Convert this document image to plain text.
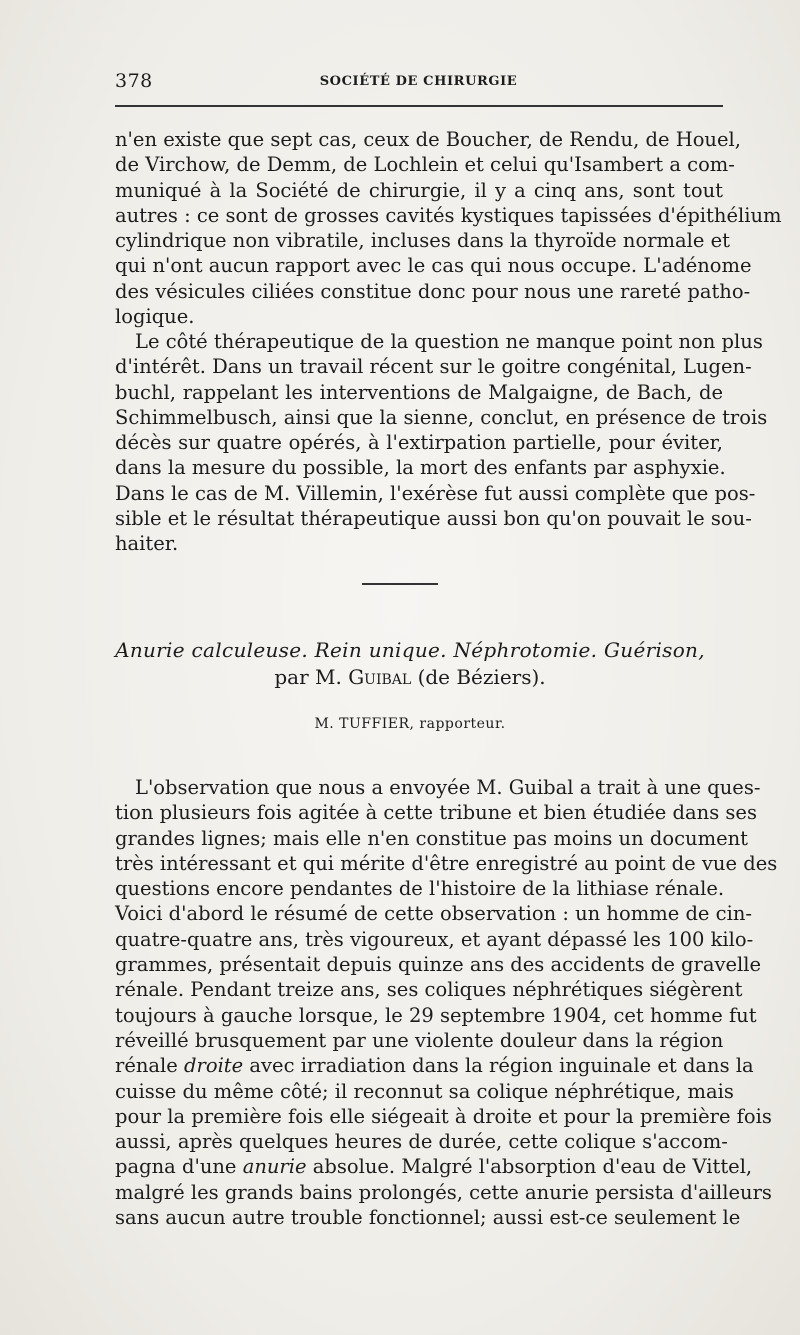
378	SOCIÉTÉ DE CHIRURGIE
n'en existe que sept cas, ceux de Boucher, de Rendu, de Houel,
de Virchow, de Demm, de Lochlein et celui qu'Isambert a com-
muniqué à la Société de chirurgie, il y a cinq ans, sont tout
autres : ce sont de grosses cavités kystiques tapissées d'épithélium
cylindrique non vibratile, incluses dans la thyroïde normale et
qui n'ont aucun rapport avec le cas qui nous occupe. L'adénome
des vésicules ciliées constitue donc pour nous une rareté patho-
logique.
Le côté thérapeutique de la question ne manque point non plus
d'intérêt. Dans un travail récent sur le goitre congénital, Lugen-
buchl, rappelant les interventions de Malgaigne, de Bach, de
Schimmelbusch, ainsi que la sienne, conclut, en présence de trois
décès sur quatre opérés, à l'extirpation partielle, pour éviter,
dans la mesure du possible, la mort des enfants par asphyxie.
Dans le cas de M. Villemin, l'exérèse fut aussi complète que pos-
sible et le résultat thérapeutique aussi bon qu'on pouvait le sou-
haiter.
Anurie calculeuse. Rein unique. Néphrotomie. Guérison,
par M. Guibal (de Béziers).
M. TUFFIER, rapporteur.
L'observation que nous a envoyée M. Guibal a trait à une ques-
tion plusieurs fois agitée à cette tribune et bien étudiée dans ses
grandes lignes; mais elle n'en constitue pas moins un document
très intéressant et qui mérite d'être enregistré au point de vue des
questions encore pendantes de l'histoire de la lithiase rénale.
Voici d'abord le résumé de cette observation : un homme de cin-
quatre-quatre ans, très vigoureux, et ayant dépassé les 100 kilo-
grammes, présentait depuis quinze ans des accidents de gravelle
rénale. Pendant treize ans, ses coliques néphrétiques siégèrent
toujours à gauche lorsque, le 29 septembre 1904, cet homme fut
réveillé brusquement par une violente douleur dans la région
rénale droite avec irradiation dans la région inguinale et dans la
cuisse du même côté; il reconnut sa colique néphrétique, mais
pour la première fois elle siégeait à droite et pour la première fois
aussi, après quelques heures de durée, cette colique s'accom-
pagna d'une anurie absolue. Malgré l'absorption d'eau de Vittel,
malgré les grands bains prolongés, cette anurie persista d'ailleurs
sans aucun autre trouble fonctionnel; aussi est-ce seulement le
